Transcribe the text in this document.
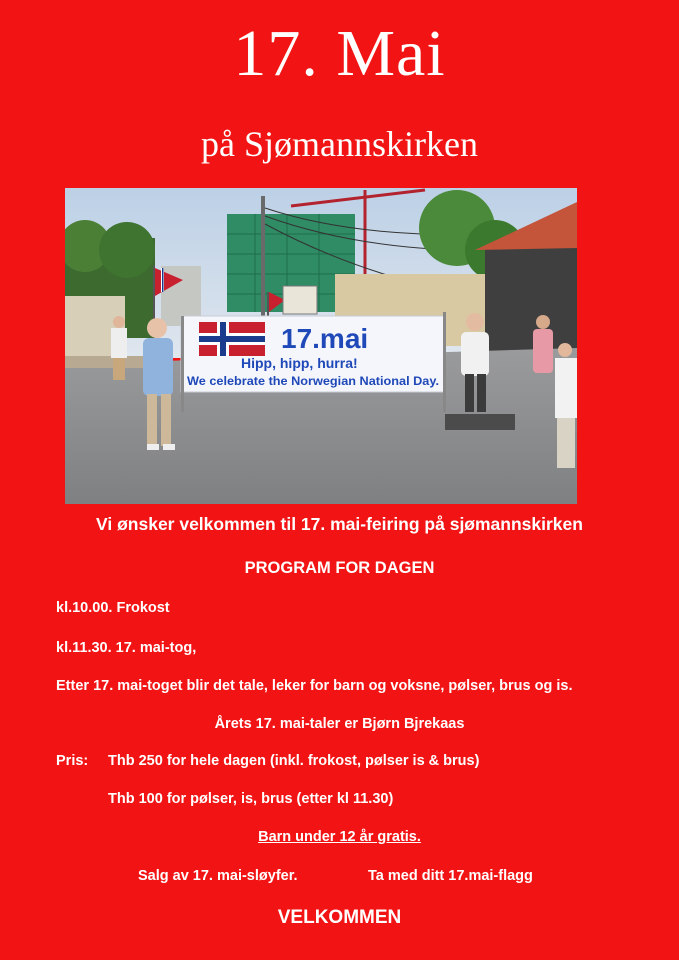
17. Mai
på Sjømannskirken
17.mai
Hipp, hipp, hurra!
We celebrate the Norwegian National Day.
Vi ønsker velkommen til 17. mai-feiring på sjømannskirken
PROGRAM FOR DAGEN
kl.10.00. Frokost
kl.11.30. 17. mai-tog,
Etter 17. mai-toget blir det tale, leker for barn og voksne, pølser, brus og is.
Årets 17. mai-taler er Bjørn Bjrekaas
Pris: Thb 250 for hele dagen (inkl. frokost, pølser is & brus)
Thb 100 for pølser, is, brus (etter kl 11.30)
Barn under 12 år gratis.
Salg av 17. mai-sløyfer.	Ta med ditt 17.mai-flagg
VELKOMMEN
